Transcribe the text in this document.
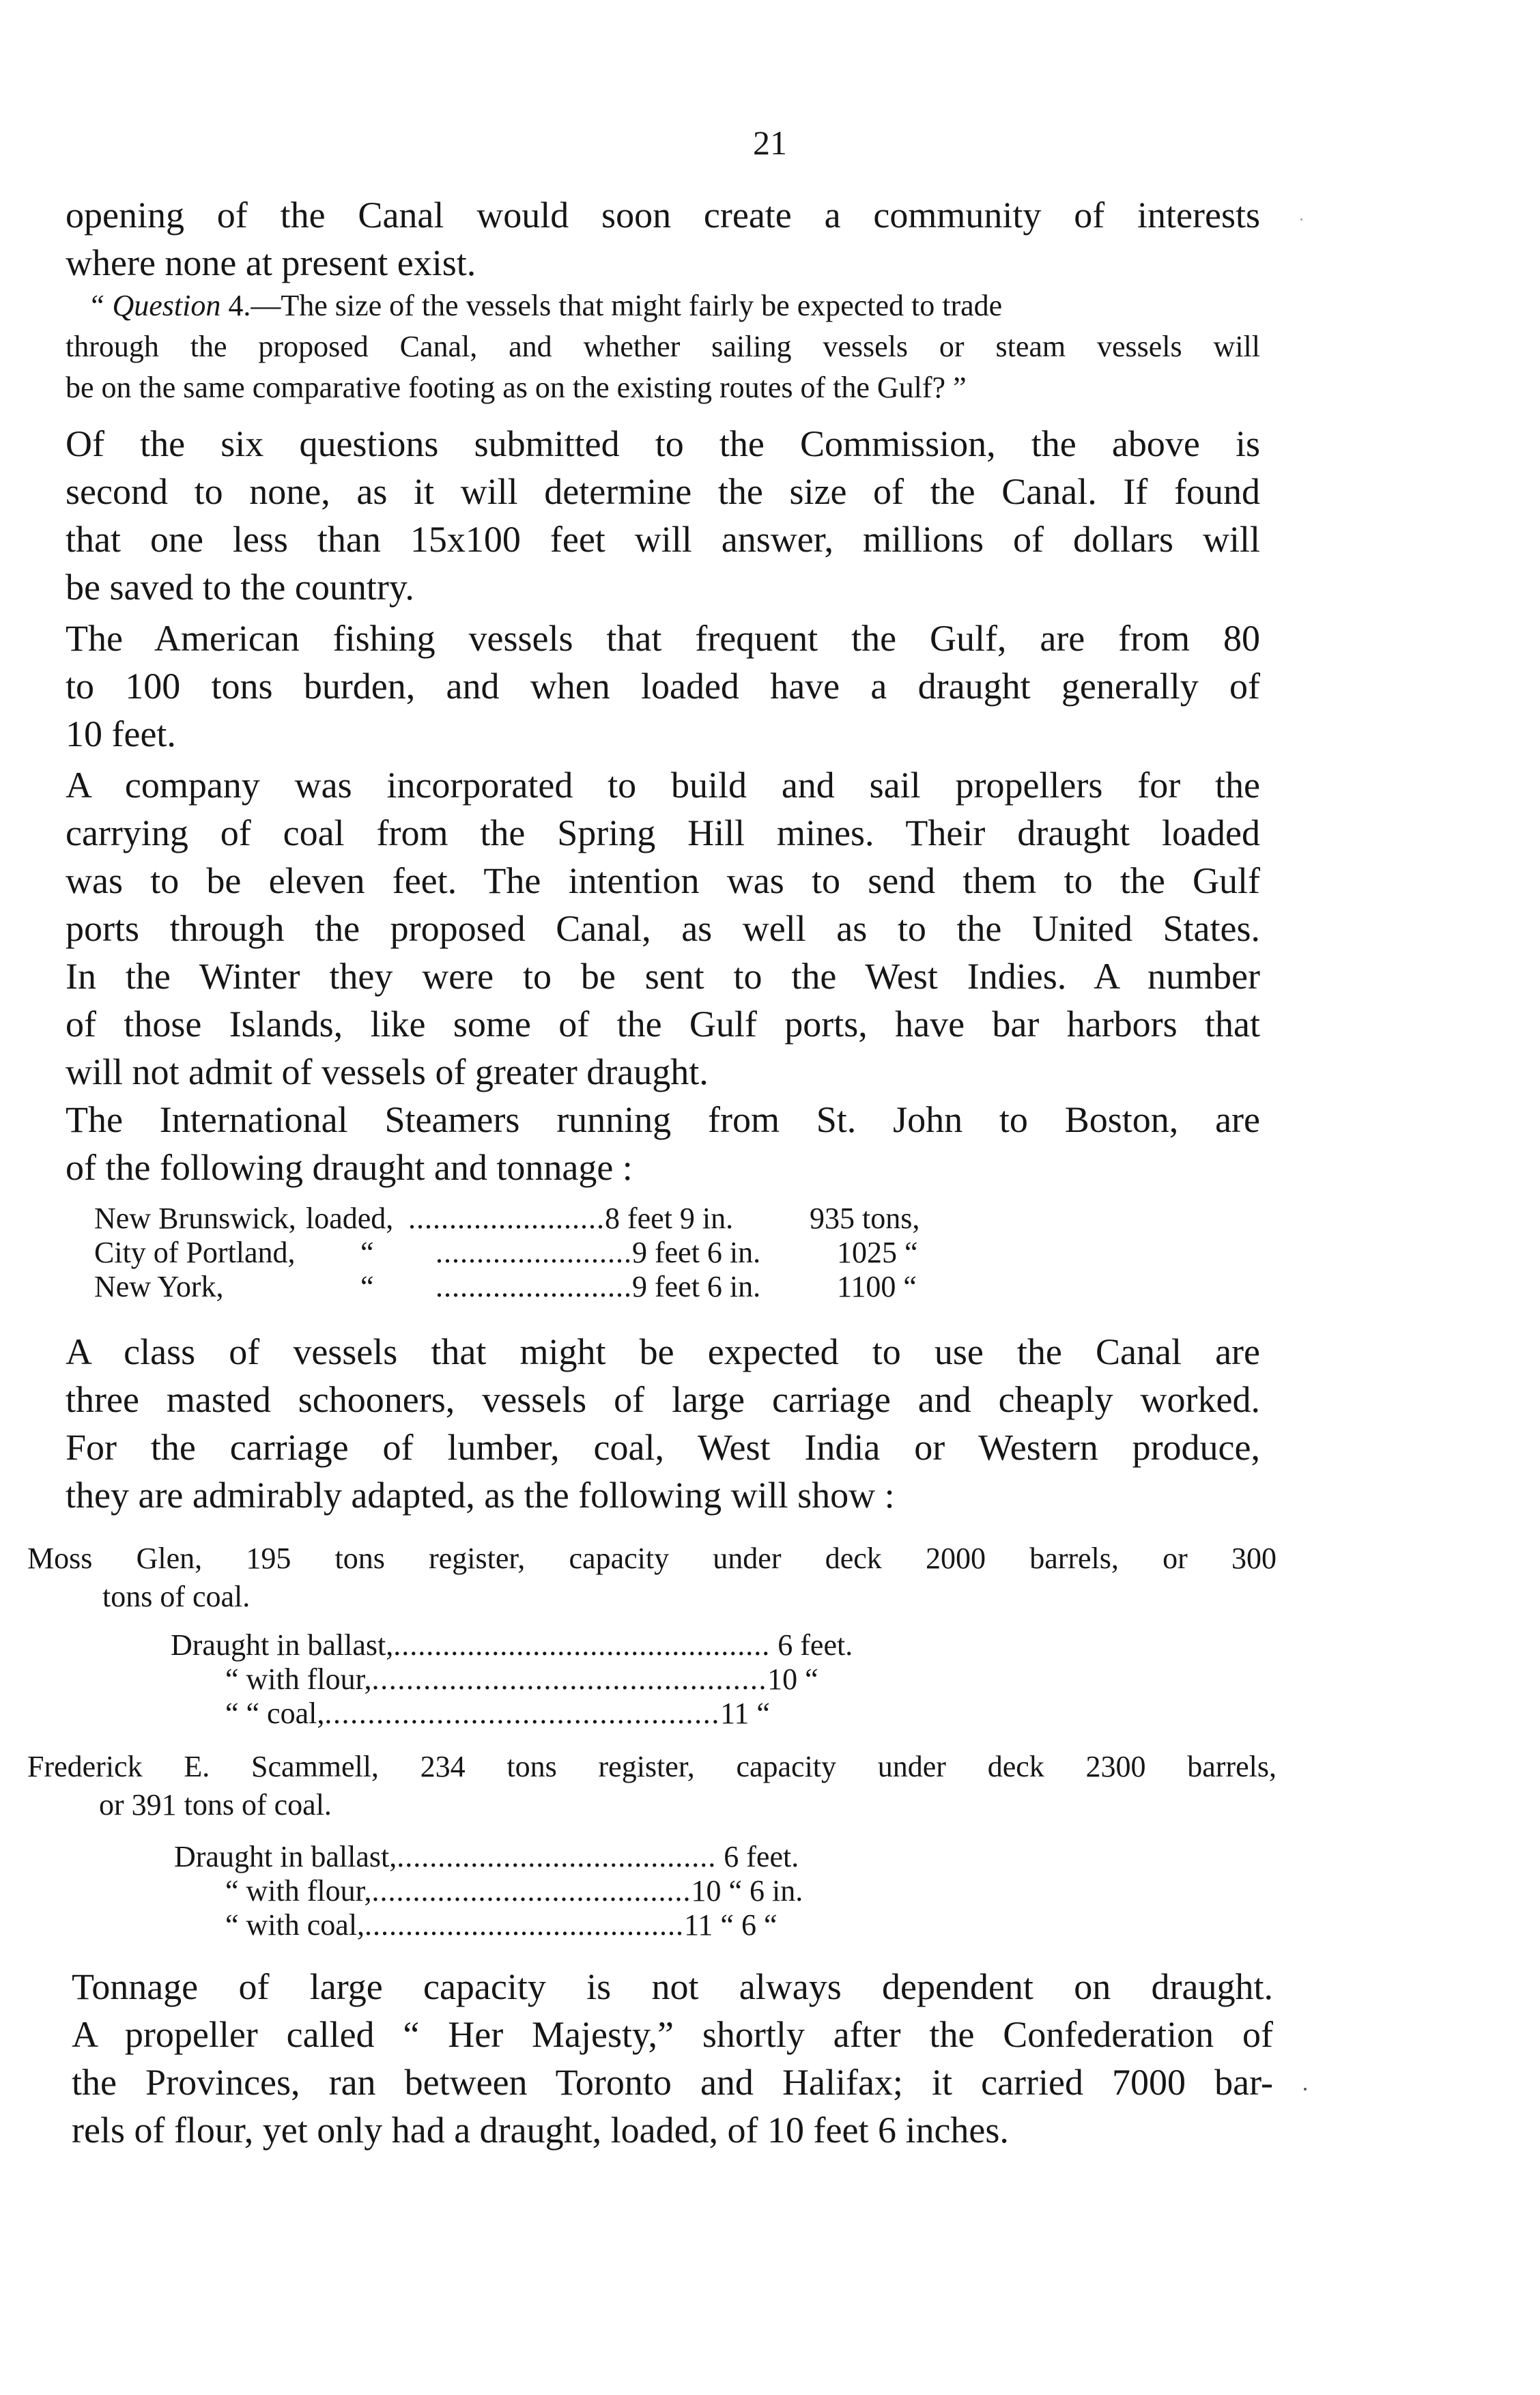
21
opening of the Canal would soon create a community of interests
where none at present exist.
“ Question 4.—The size of the vessels that might fairly be expected to trade
through the proposed Canal, and whether sailing vessels or steam vessels will
be on the same comparative footing as on the existing routes of the Gulf? ”
Of the six questions submitted to the Commission, the above is
second to none, as it will determine the size of the Canal. If found
that one less than 15x100 feet will answer, millions of dollars will
be saved to the country.
The American fishing vessels that frequent the Gulf, are from 80
to 100 tons burden, and when loaded have a draught generally of
10 feet.
A company was incorporated to build and sail propellers for the
carrying of coal from the Spring Hill mines. Their draught loaded
was to be eleven feet. The intention was to send them to the Gulf
ports through the proposed Canal, as well as to the United States.
In the Winter they were to be sent to the West Indies. A number
of those Islands, like some of the Gulf ports, have bar harbors that
will not admit of vessels of greater draught.
The International Steamers running from St. John to Boston, are
of the following draught and tonnage :
New Brunswick, loaded, ........................8 feet 9 in.	935 tons,
City of Portland, “ ........................9 feet 6 in.	1025 “
New York,	“ ........................9 feet 6 in.	1100 “
A class of vessels that might be expected to use the Canal are
three masted schooners, vessels of large carriage and cheaply worked.
For the carriage of lumber, coal, West India or Western produce,
they are admirably adapted, as the following will show :
Moss Glen, 195 tons register, capacity under deck 2000 barrels, or 300
tons of coal.
Draught in ballast,.............................................. 6 feet.
“ with flour,..............................................10 “
“ “ coal,..............................................11 “
Frederick E. Scammell, 234 tons register, capacity under deck 2300 barrels,
or 391 tons of coal.
Draught in ballast,....................................... 6 feet.
“ with flour,.......................................10 “ 6 in.
“ with coal,.......................................11 “ 6 “
Tonnage of large capacity is not always dependent on draught.
A propeller called “ Her Majesty,” shortly after the Confederation of
the Provinces, ran between Toronto and Halifax; it carried 7000 bar-
rels of flour, yet only had a draught, loaded, of 10 feet 6 inches.
